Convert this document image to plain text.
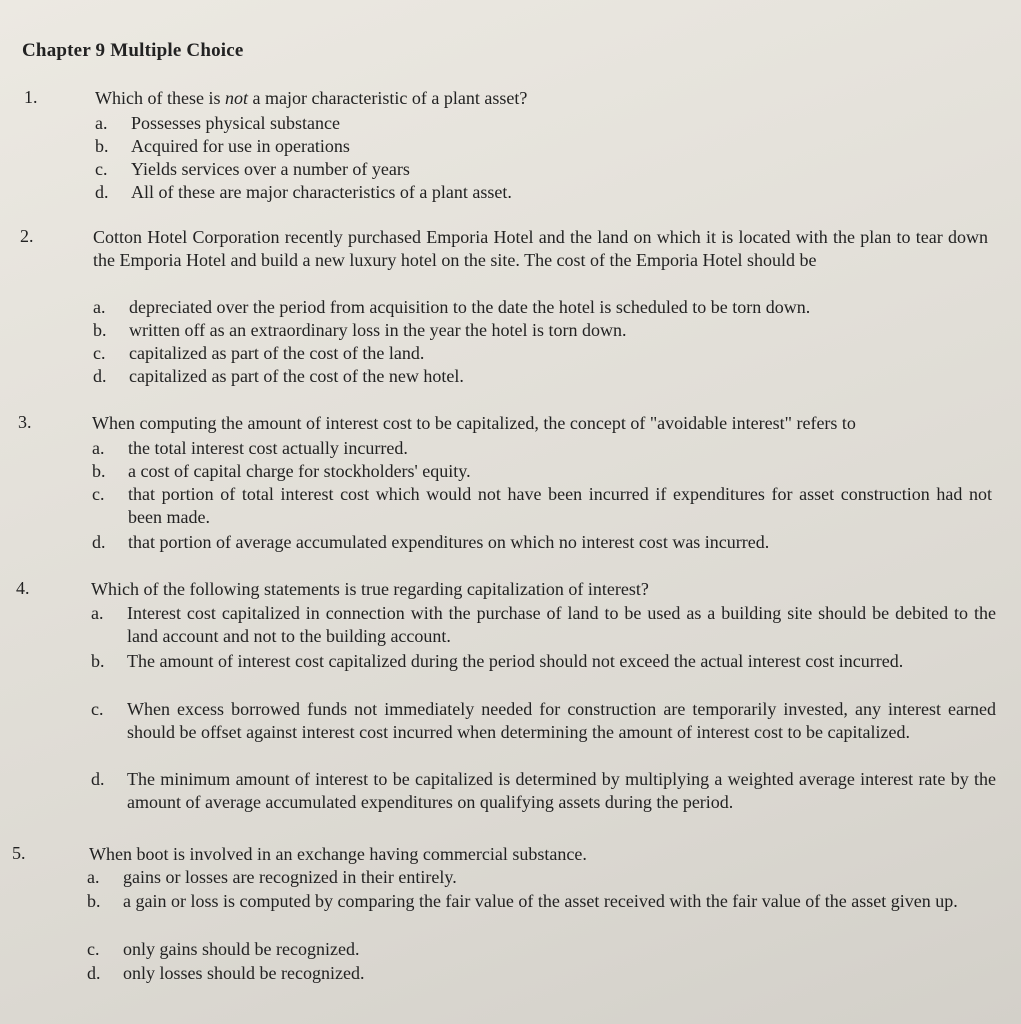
Chapter 9 Multiple Choice
1.	Which of these is not a major characteristic of a plant asset?
a. Possesses physical substance
b. Acquired for use in operations
c. Yields services over a number of years
d. All of these are major characteristics of a plant asset.
2.	Cotton Hotel Corporation recently purchased Emporia Hotel and the land on which it is located with the plan to tear down the Emporia Hotel and build a new luxury hotel on the site. The cost of the Emporia Hotel should be
a. depreciated over the period from acquisition to the date the hotel is scheduled to be torn down.
b. written off as an extraordinary loss in the year the hotel is torn down.
c. capitalized as part of the cost of the land.
d. capitalized as part of the cost of the new hotel.
3.	When computing the amount of interest cost to be capitalized, the concept of "avoidable interest" refers to
a. the total interest cost actually incurred.
b. a cost of capital charge for stockholders' equity.
c. that portion of total interest cost which would not have been incurred if expenditures for asset construction had not been made.
d. that portion of average accumulated expenditures on which no interest cost was incurred.
4.	Which of the following statements is true regarding capitalization of interest?
a. Interest cost capitalized in connection with the purchase of land to be used as a building site should be debited to the land account and not to the building account.
b. The amount of interest cost capitalized during the period should not exceed the actual interest cost incurred.
c. When excess borrowed funds not immediately needed for construction are temporarily invested, any interest earned should be offset against interest cost incurred when determining the amount of interest cost to be capitalized.
d. The minimum amount of interest to be capitalized is determined by multiplying a weighted average interest rate by the amount of average accumulated expenditures on qualifying assets during the period.
5.	When boot is involved in an exchange having commercial substance.
a. gains or losses are recognized in their entirely.
b. a gain or loss is computed by comparing the fair value of the asset received with the fair value of the asset given up.
c. only gains should be recognized.
d. only losses should be recognized.
